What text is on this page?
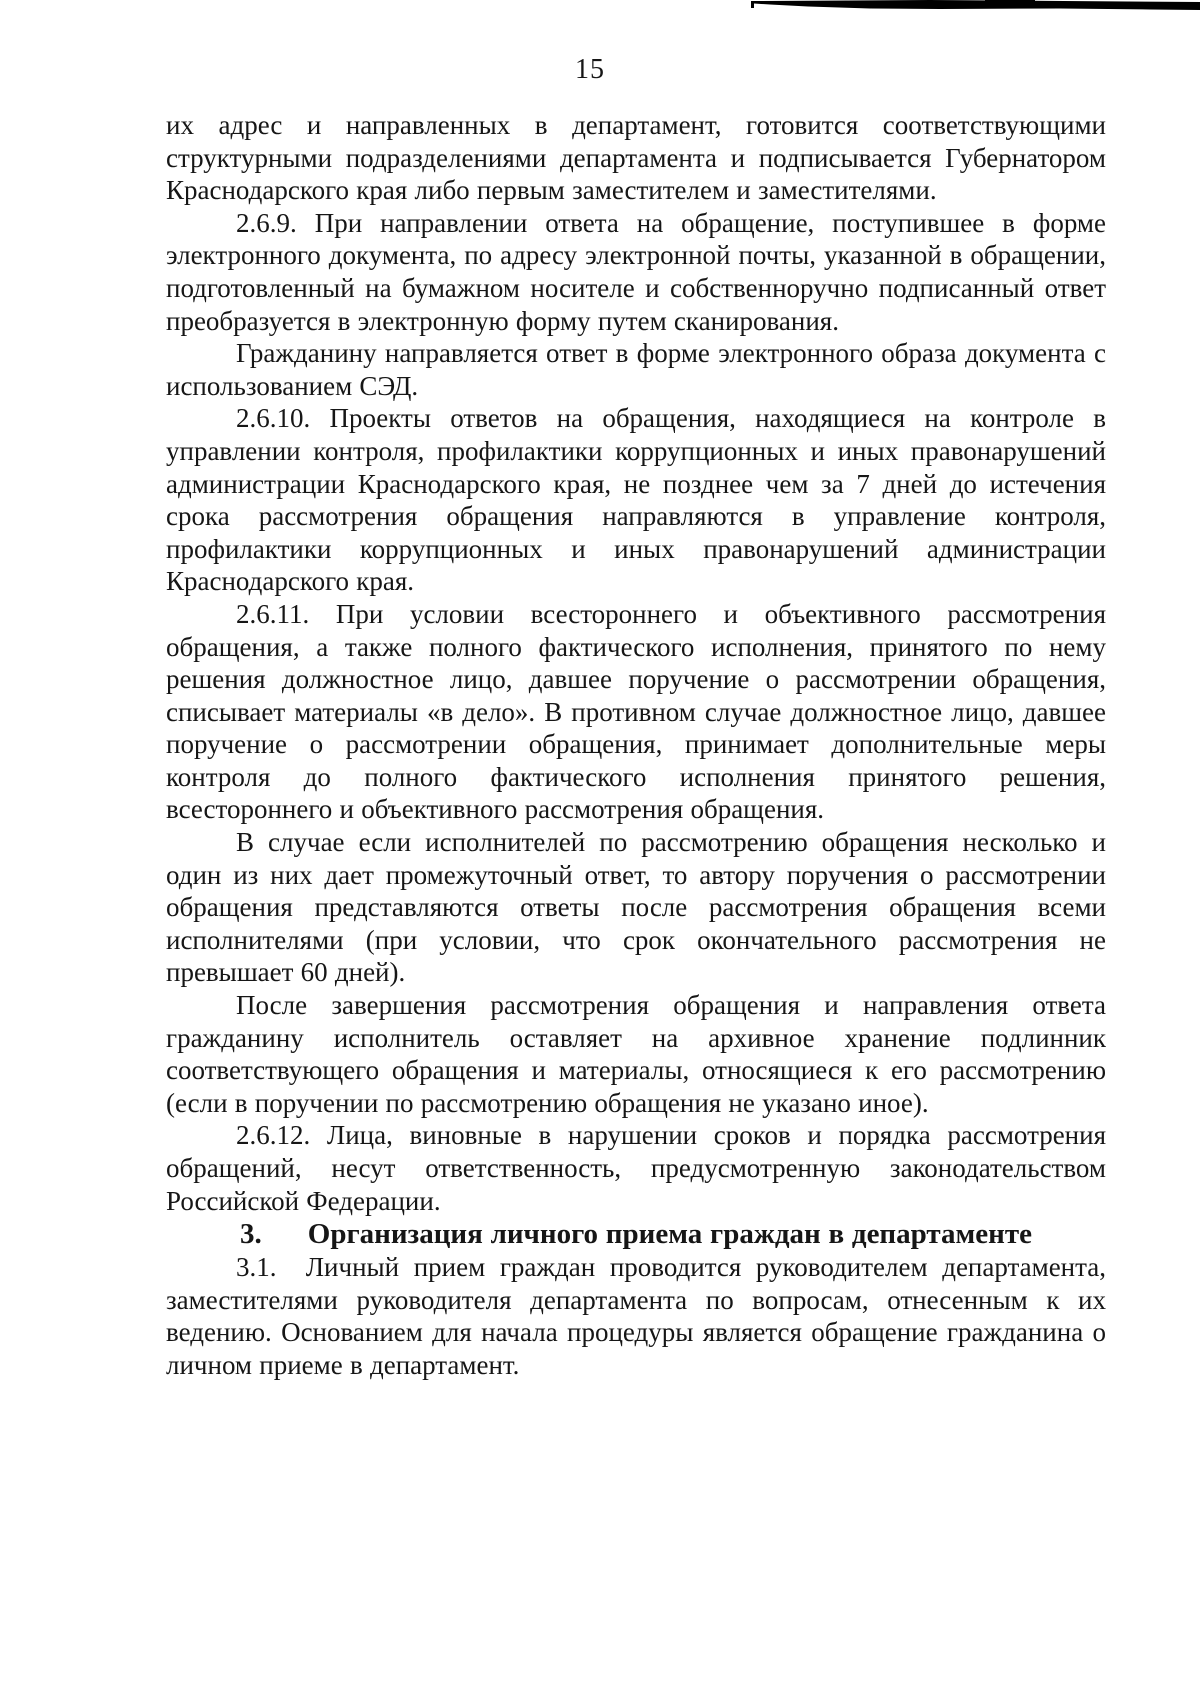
15

их адрес и направленных в департамент, готовится соответствующими структурными подразделениями департамента и подписывается Губернатором Краснодарского края либо первым заместителем и заместителями.

2.6.9. При направлении ответа на обращение, поступившее в форме электронного документа, по адресу электронной почты, указанной в обращении, подготовленный на бумажном носителе и собственноручно подписанный ответ преобразуется в электронную форму путем сканирования.

Гражданину направляется ответ в форме электронного образа документа с использованием СЭД.

2.6.10. Проекты ответов на обращения, находящиеся на контроле в управлении контроля, профилактики коррупционных и иных правонарушений администрации Краснодарского края, не позднее чем за 7 дней до истечения срока рассмотрения обращения направляются в управление контроля, профилактики коррупционных и иных правонарушений администрации Краснодарского края.

2.6.11. При условии всестороннего и объективного рассмотрения обращения, а также полного фактического исполнения, принятого по нему решения должностное лицо, давшее поручение о рассмотрении обращения, списывает материалы «в дело». В противном случае должностное лицо, давшее поручение о рассмотрении обращения, принимает дополнительные меры контроля до полного фактического исполнения принятого решения, всестороннего и объективного рассмотрения обращения.

В случае если исполнителей по рассмотрению обращения несколько и один из них дает промежуточный ответ, то автору поручения о рассмотрении обращения представляются ответы после рассмотрения обращения всеми исполнителями (при условии, что срок окончательного рассмотрения не превышает 60 дней).

После завершения рассмотрения обращения и направления ответа гражданину исполнитель оставляет на архивное хранение подлинник соответствующего обращения и материалы, относящиеся к его рассмотрению (если в поручении по рассмотрению обращения не указано иное).

2.6.12. Лица, виновные в нарушении сроков и порядка рассмотрения обращений, несут ответственность, предусмотренную законодательством Российской Федерации.

3. Организация личного приема граждан в департаменте

3.1.  Личный прием граждан проводится руководителем департамента, заместителями руководителя департамента по вопросам, отнесенным к их ведению. Основанием для начала процедуры является обращение гражданина о личном приеме в департамент.
